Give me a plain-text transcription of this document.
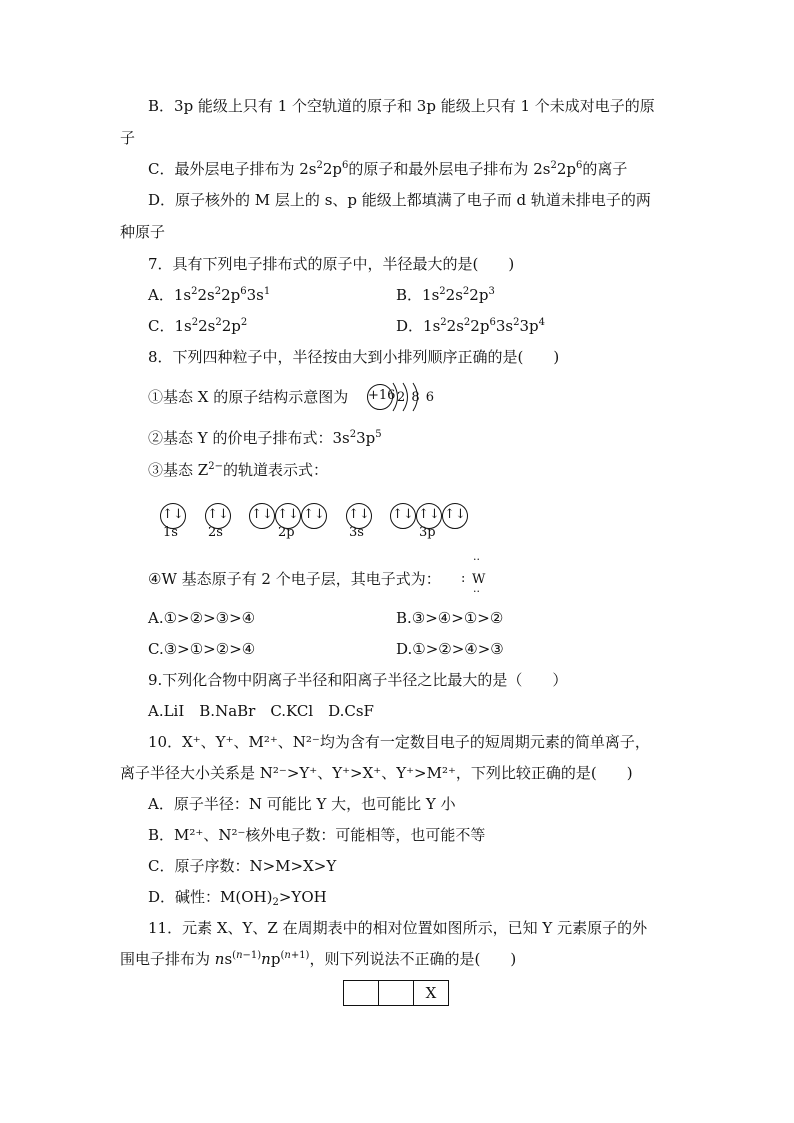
B．3p 能级上只有 1 个空轨道的原子和 3p 能级上只有 1 个未成对电子的原
子
C．最外层电子排布为 $2s^22p^6$的原子和最外层电子排布为 $2s^22p^6$的离子
D．原子核外的 M 层上的 s、p 能级上都填满了电子而 d 轨道未排电子的两
种原子
7．具有下列电子排布式的原子中，半径最大的是(　　)
A．$1s^22s^22p^63s^1$	B．$1s^22s^22p^3$
C．$1s^22s^22p^2$	D．$1s^22s^22p^63s^23p^4$
8．下列四种粒子中，半径按由大到小排列顺序正确的是(　　)
①基态 X 的原子结构示意图为 +16 2 8 6
②基态 Y 的价电子排布式：$3s^23p^5$
③基态 $Z^{2-}$的轨道表示式：
↑↓ ↑↓ ↑↓ ↑↓ ↑↓ ↑↓ ↑↓ ↑↓ ↑↓
1s 2s	2p	3s	3p
④W 基态原子有 2 个电子层，其电子式为：
··
: W
··
A.①>②>③>④	B.③>④>①>②
C.③>①>②>④	D.①>②>④>③
9.下列化合物中阴离子半径和阳离子半径之比最大的是（　　）
A.LiI　B.NaBr　C.KCl　D.CsF
10．X⁺、Y⁺、M²⁺、N²⁻均为含有一定数目电子的短周期元素的简单离子，
离子半径大小关系是 N²⁻>Y⁺、Y⁺>X⁺、Y⁺>M²⁺，下列比较正确的是(　　)
A．原子半径：N 可能比 Y 大，也可能比 Y 小
B．M²⁺、N²⁻核外电子数：可能相等，也可能不等
C．原子序数：N>M>X>Y
D．碱性：$M(OH)_2>YOH$
11．元素 X、Y、Z 在周期表中的相对位置如图所示，已知 Y 元素原子的外
围电子排布为 $ns^{(n-1)}np^{(n+1)}$，则下列说法不正确的是(　　)
		X
